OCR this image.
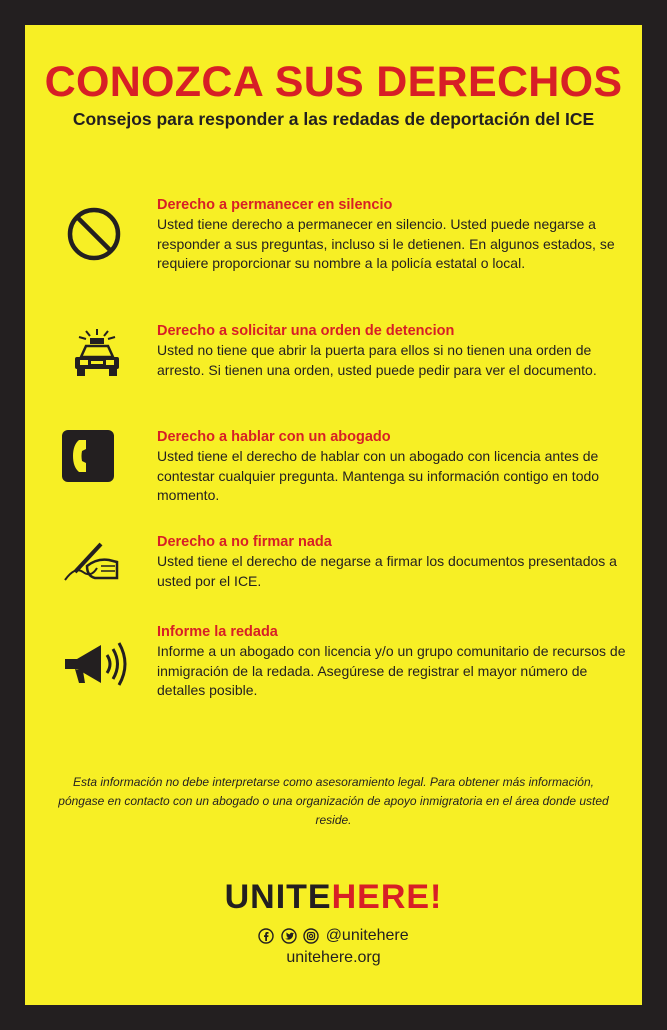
CONOZCA SUS DERECHOS
Consejos para responder a las redadas de deportación del ICE
Derecho a permanecer en silencio

Usted tiene derecho a permanecer en silencio. Usted puede negarse a responder a sus preguntas, incluso si le detienen. En algunos estados, se requiere proporcionar su nombre a la policía estatal o local.

Derecho a solicitar una orden de detencion

Usted no tiene que abrir la puerta para ellos si no tienen una orden de arresto. Si tienen una orden, usted puede pedir para ver el documento.

Derecho a hablar con un abogado

Usted tiene el derecho de hablar con un abogado con licencia antes de contestar cualquier pregunta. Mantenga su información contigo en todo momento.

Derecho a no firmar nada

Usted tiene el derecho de negarse a firmar los documentos presentados a usted por el ICE.

Informe la redada

Informe a un abogado con licencia y/o un grupo comunitario de recursos de inmigración de la redada. Asegúrese de registrar el mayor número de detalles posible.

Esta información no debe interpretarse como asesoramiento legal. Para obtener más información, póngase en contacto con un abogado o una organización de apoyo inmigratoria en el área donde usted reside.

UNITEHERE!
@unitehere
unitehere.org
